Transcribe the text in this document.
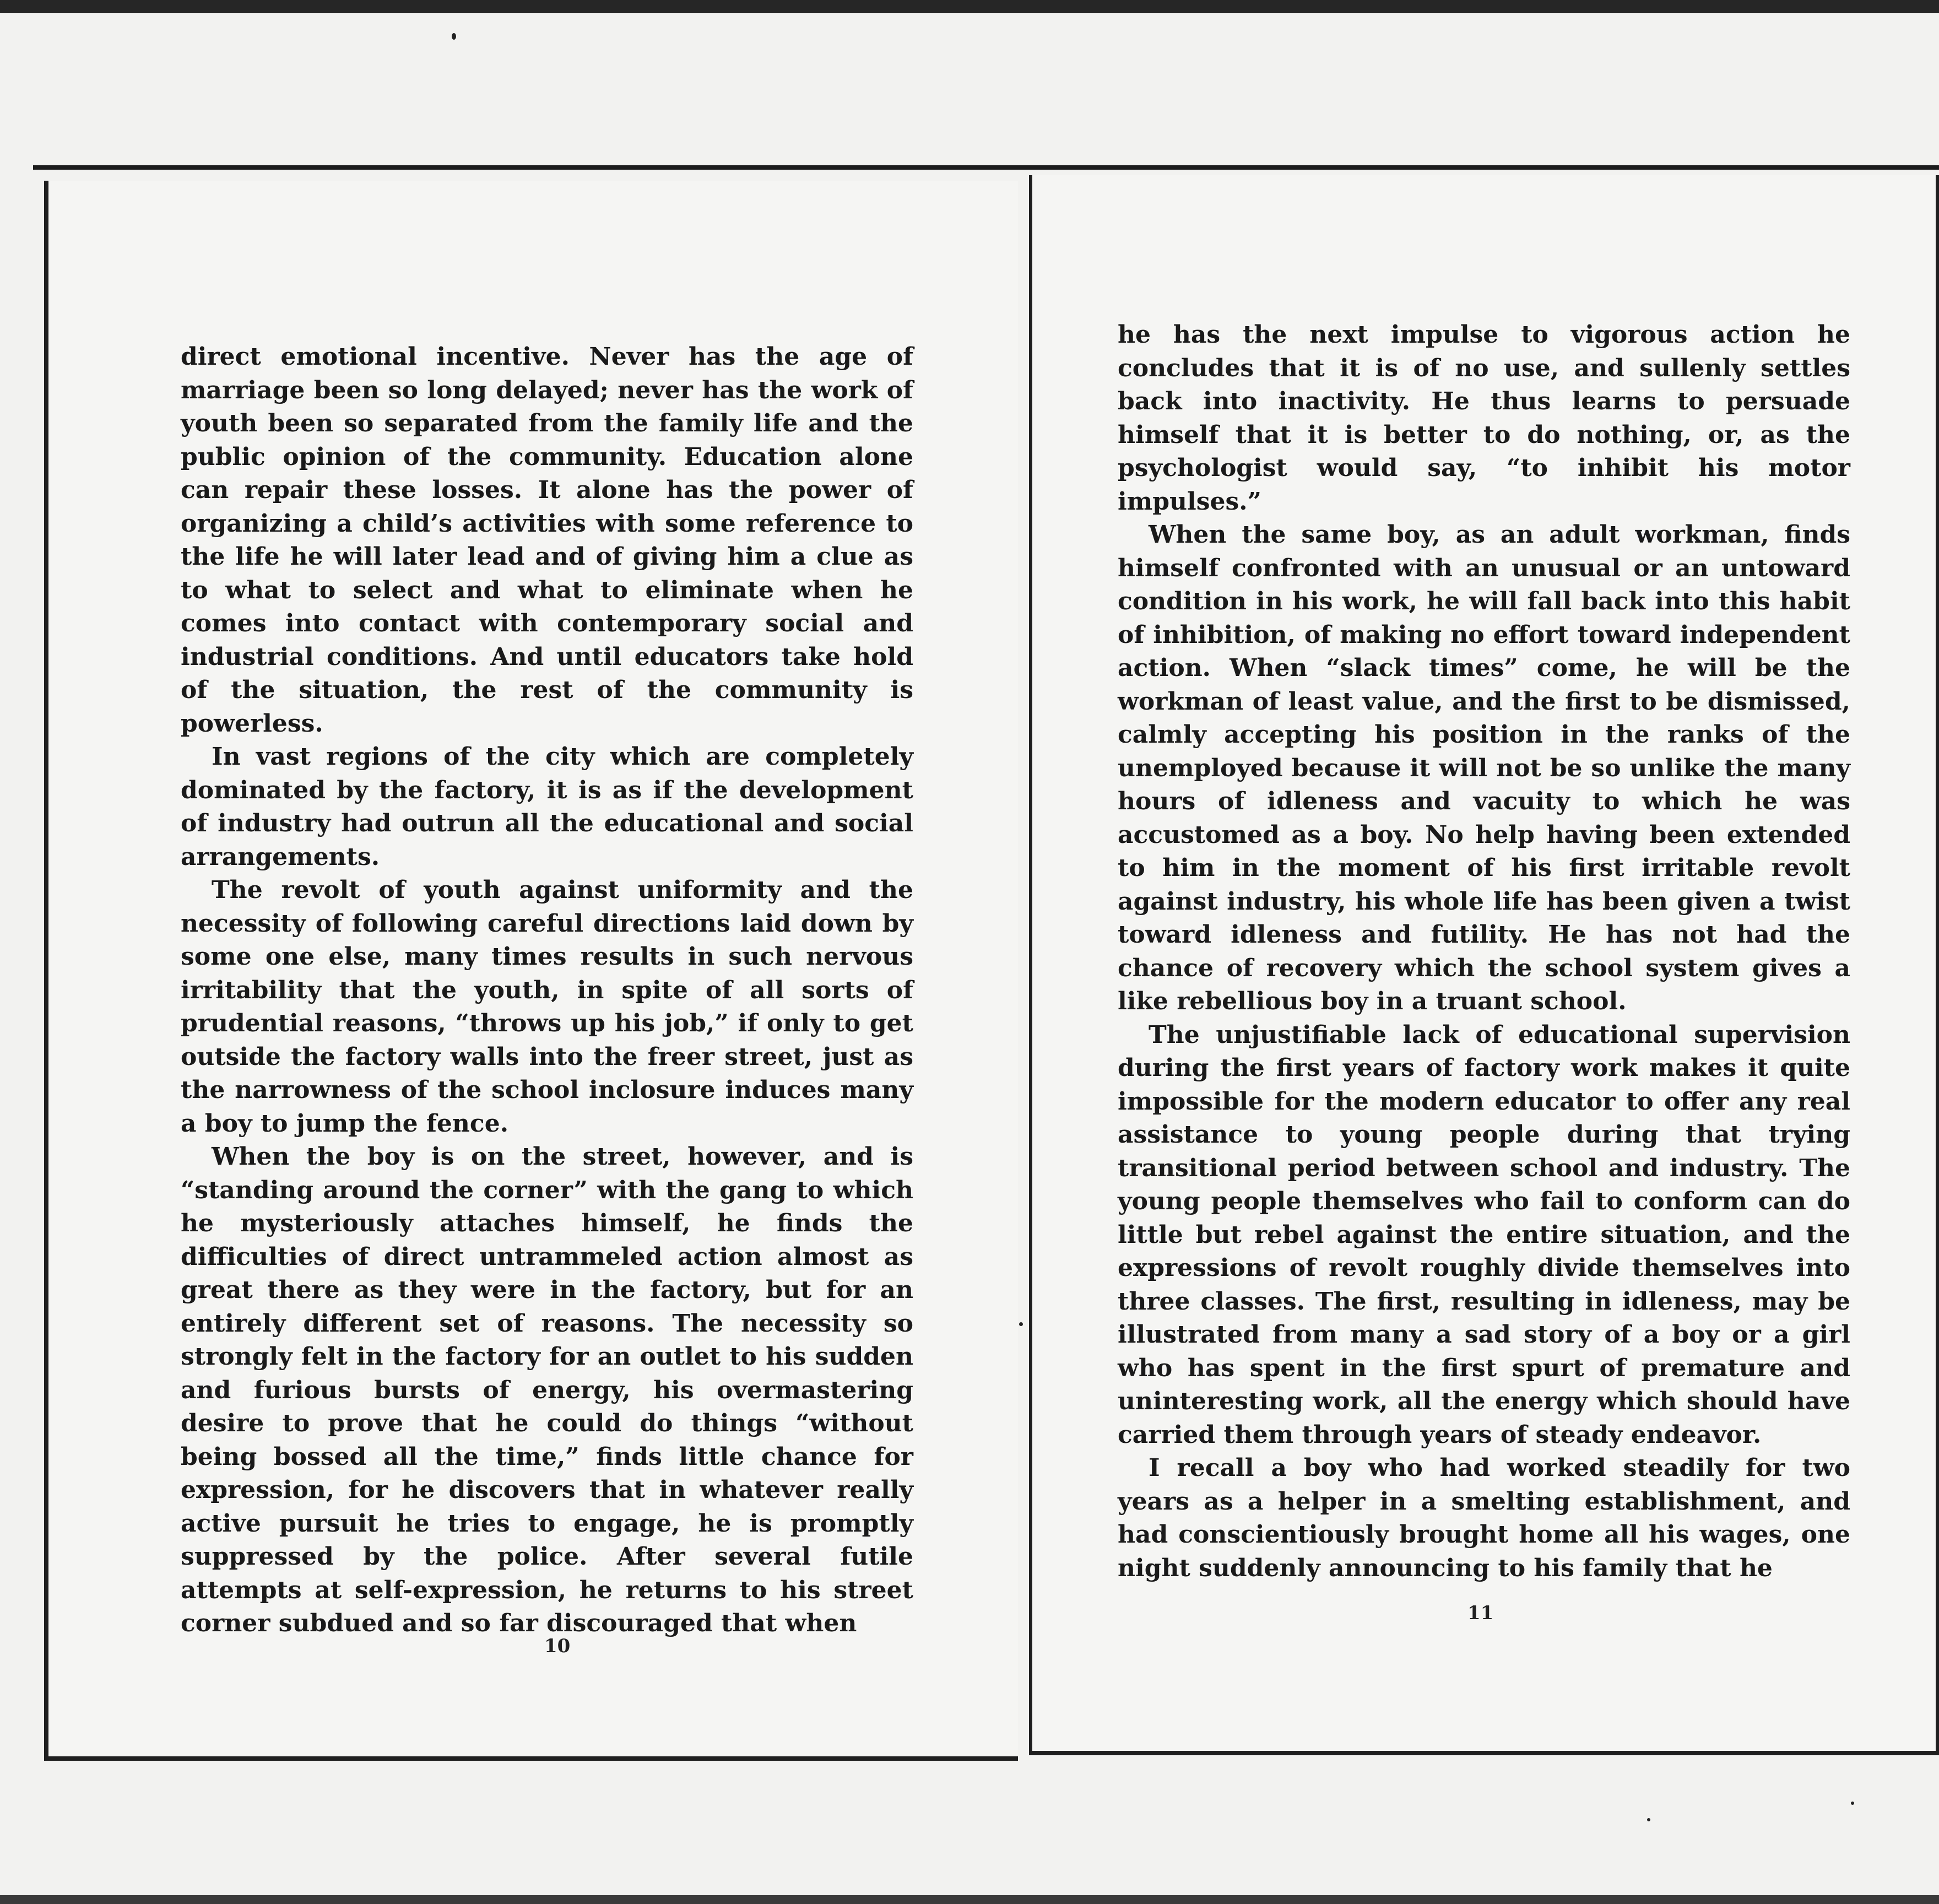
direct emotional incentive. Never has the age of marriage been so long delayed; never has the work of youth been so separated from the family life and the public opinion of the community. Education alone can repair these losses. It alone has the power of organizing a child’s activities with some reference to the life he will later lead and of giving him a clue as to what to select and what to eliminate when he comes into contact with contemporary social and industrial conditions. And until educators take hold of the situation, the rest of the community is powerless.

In vast regions of the city which are completely dominated by the factory, it is as if the development of industry had outrun all the educational and social arrangements.

The revolt of youth against uniformity and the necessity of following careful directions laid down by some one else, many times results in such nervous irritability that the youth, in spite of all sorts of prudential reasons, “throws up his job,” if only to get outside the factory walls into the freer street, just as the narrowness of the school inclosure induces many a boy to jump the fence.

When the boy is on the street, however, and is “standing around the corner” with the gang to which he mysteriously attaches himself, he finds the difficulties of direct untrammeled action almost as great there as they were in the factory, but for an entirely different set of reasons. The necessity so strongly felt in the factory for an outlet to his sudden and furious bursts of energy, his overmastering desire to prove that he could do things “without being bossed all the time,” finds little chance for expression, for he discovers that in whatever really active pursuit he tries to engage, he is promptly suppressed by the police. After several futile attempts at self-expression, he returns to his street corner subdued and so far discouraged that when

10

he has the next impulse to vigorous action he concludes that it is of no use, and sullenly settles back into inactivity. He thus learns to persuade himself that it is better to do nothing, or, as the psychologist would say, “to inhibit his motor impulses.”

When the same boy, as an adult workman, finds himself confronted with an unusual or an untoward condition in his work, he will fall back into this habit of inhibition, of making no effort toward independent action. When “slack times” come, he will be the workman of least value, and the first to be dismissed, calmly accepting his position in the ranks of the unemployed because it will not be so unlike the many hours of idleness and vacuity to which he was accustomed as a boy. No help having been extended to him in the moment of his first irritable revolt against industry, his whole life has been given a twist toward idleness and futility. He has not had the chance of recovery which the school system gives a like rebellious boy in a truant school.

The unjustifiable lack of educational supervision during the first years of factory work makes it quite impossible for the modern educator to offer any real assistance to young people during that trying transitional period between school and industry. The young people themselves who fail to conform can do little but rebel against the entire situation, and the expressions of revolt roughly divide themselves into three classes. The first, resulting in idleness, may be illustrated from many a sad story of a boy or a girl who has spent in the first spurt of premature and uninteresting work, all the energy which should have carried them through years of steady endeavor.

I recall a boy who had worked steadily for two years as a helper in a smelting establishment, and had conscientiously brought home all his wages, one night suddenly announcing to his family that he

11
